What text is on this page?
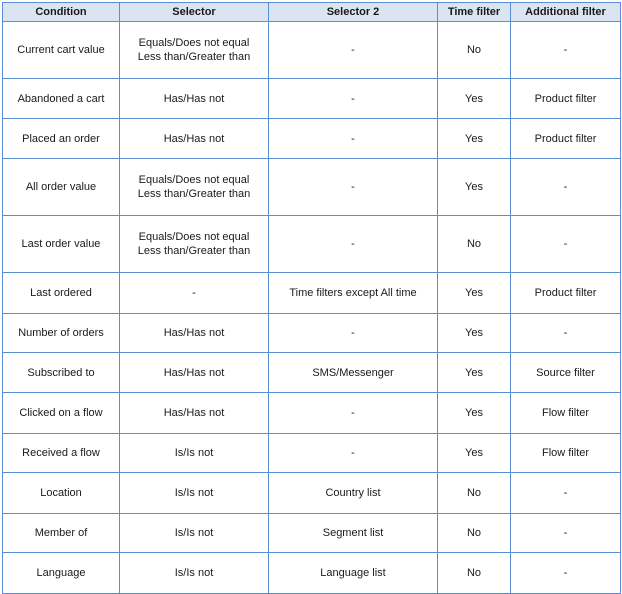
Condition	Selector	Selector 2	Time filter	Additional filter
Current cart value	Equals/Does not equal
Less than/Greater than	-	No	-
Abandoned a cart	Has/Has not	-	Yes	Product filter
Placed an order	Has/Has not	-	Yes	Product filter
All order value	Equals/Does not equal
Less than/Greater than	-	Yes	-
Last order value	Equals/Does not equal
Less than/Greater than	-	No	-
Last ordered	-	Time filters except All time	Yes	Product filter
Number of orders	Has/Has not	-	Yes	-
Subscribed to	Has/Has not	SMS/Messenger	Yes	Source filter
Clicked on a flow	Has/Has not	-	Yes	Flow filter
Received a flow	Is/Is not	-	Yes	Flow filter
Location	Is/Is not	Country list	No	-
Member of	Is/Is not	Segment list	No	-
Language	Is/Is not	Language list	No	-
